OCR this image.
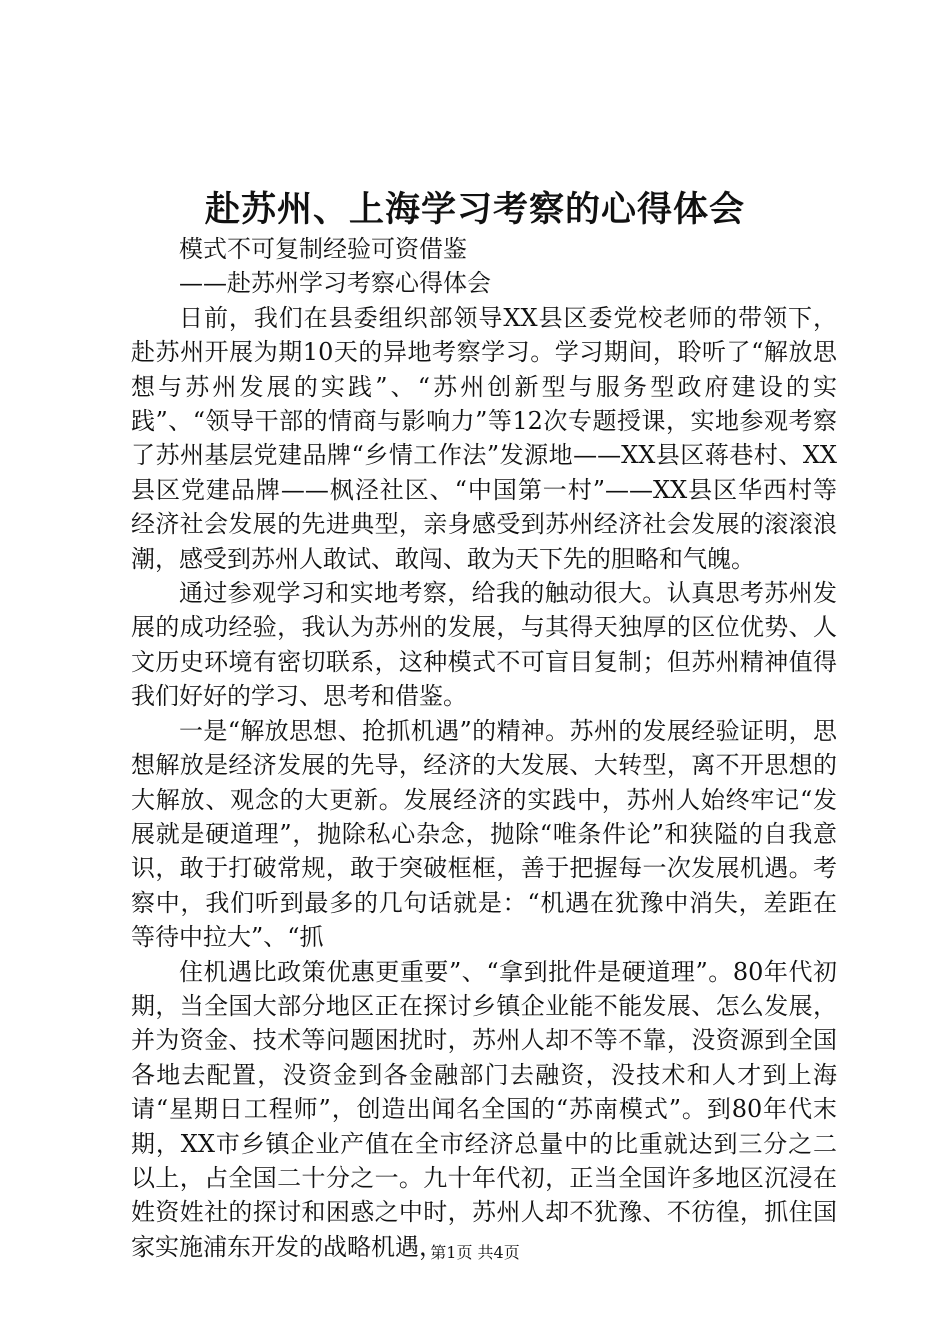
赴苏州、上海学习考察的心得体会

模式不可复制经验可资借鉴

——赴苏州学习考察心得体会

日前，我们在县委组织部领导XX县区委党校老师的带领下，赴苏州开展为期10天的异地考察学习。学习期间，聆听了“解放思想与苏州发展的实践”、“苏州创新型与服务型政府建设的实践”、“领导干部的情商与影响力”等12次专题授课，实地参观考察了苏州基层党建品牌“乡情工作法”发源地——XX县区蒋巷村、XX县区党建品牌——枫泾社区、“中国第一村”——XX县区华西村等经济社会发展的先进典型，亲身感受到苏州经济社会发展的滚滚浪潮，感受到苏州人敢试、敢闯、敢为天下先的胆略和气魄。

通过参观学习和实地考察，给我的触动很大。认真思考苏州发展的成功经验，我认为苏州的发展，与其得天独厚的区位优势、人文历史环境有密切联系，这种模式不可盲目复制；但苏州精神值得我们好好的学习、思考和借鉴。

一是“解放思想、抢抓机遇”的精神。苏州的发展经验证明，思想解放是经济发展的先导，经济的大发展、大转型，离不开思想的大解放、观念的大更新。发展经济的实践中，苏州人始终牢记“发展就是硬道理”，抛除私心杂念，抛除“唯条件论”和狭隘的自我意识，敢于打破常规，敢于突破框框，善于把握每一次发展机遇。考察中，我们听到最多的几句话就是：“机遇在犹豫中消失，差距在等待中拉大”、“抓

住机遇比政策优惠更重要”、“拿到批件是硬道理”。80年代初期，当全国大部分地区正在探讨乡镇企业能不能发展、怎么发展，并为资金、技术等问题困扰时，苏州人却不等不靠，没资源到全国各地去配置，没资金到各金融部门去融资，没技术和人才到上海请“星期日工程师”，创造出闻名全国的“苏南模式”。到80年代末期，XX市乡镇企业产值在全市经济总量中的比重就达到三分之二以上，占全国二十分之一。九十年代初，正当全国许多地区沉浸在姓资姓社的探讨和困惑之中时，苏州人却不犹豫、不彷徨，抓住国家实施浦东开发的战略机遇，

第1页 共4页
